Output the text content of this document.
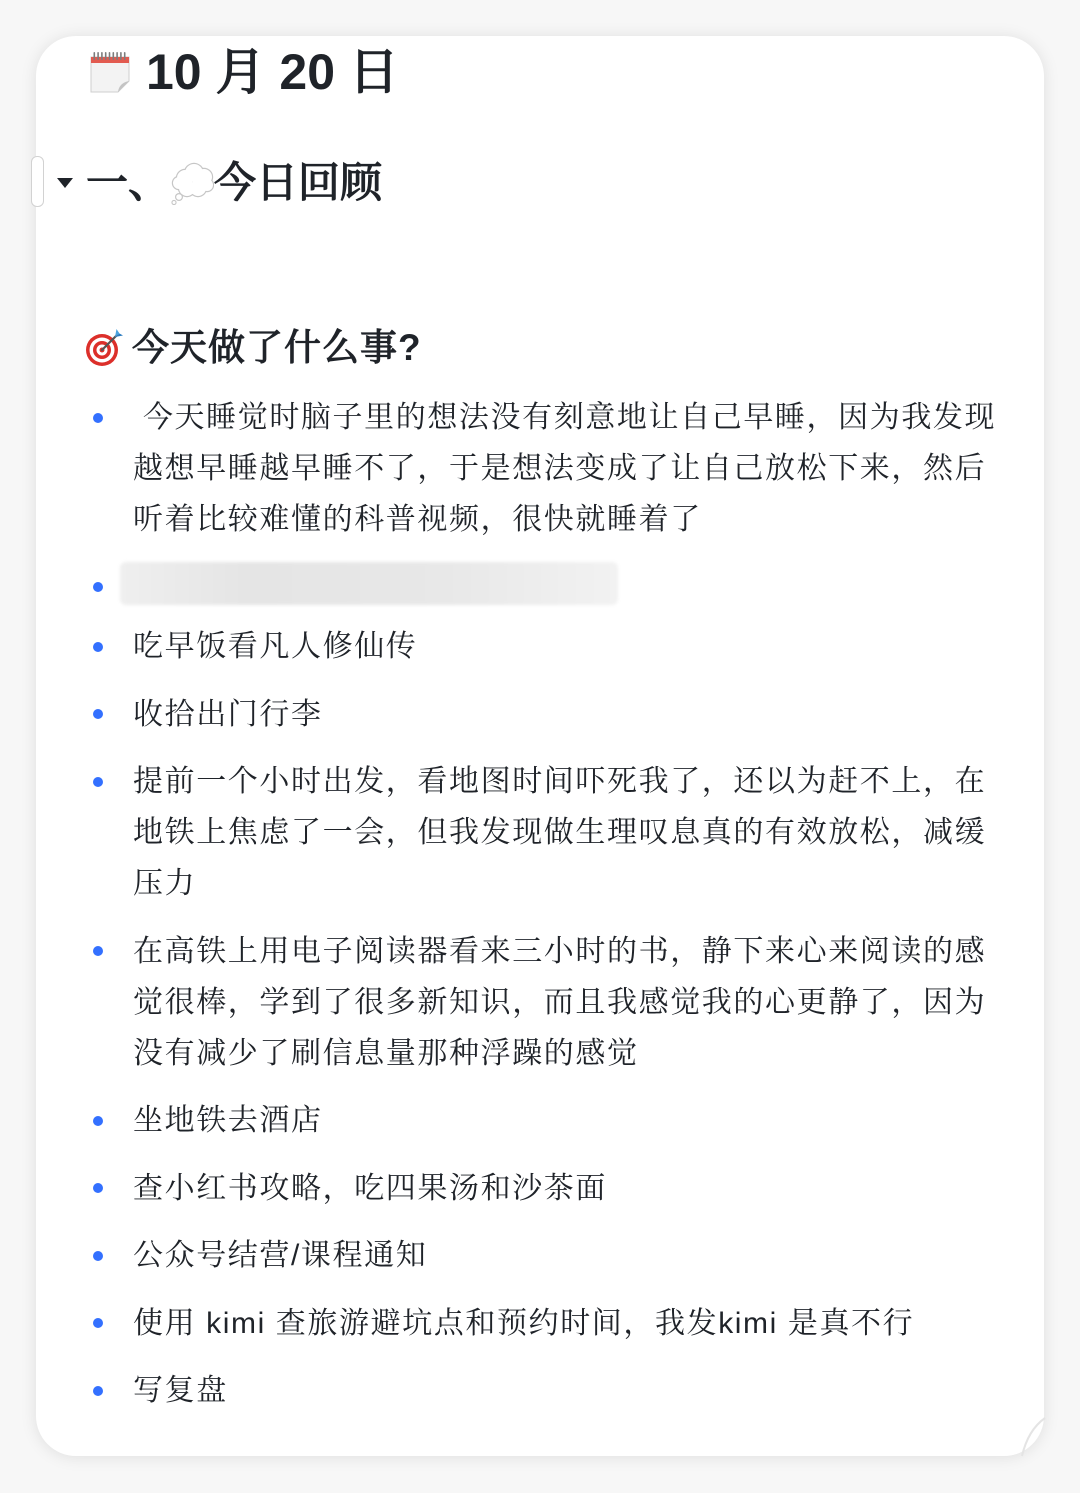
10 月 20 日
一、 今日回顾
今天做了什么事?
今天睡觉时脑子里的想法没有刻意地让自己早睡，因为我发现越想早睡越早睡不了，于是想法变成了让自己放松下来，然后听着比较难懂的科普视频，很快就睡着了
吃早饭看凡人修仙传
收拾出门行李
提前一个小时出发，看地图时间吓死我了，还以为赶不上，在地铁上焦虑了一会，但我发现做生理叹息真的有效放松，减缓压力
在高铁上用电子阅读器看来三小时的书，静下来心来阅读的感觉很棒，学到了很多新知识，而且我感觉我的心更静了，因为没有减少了刷信息量那种浮躁的感觉
坐地铁去酒店
查小红书攻略，吃四果汤和沙茶面
公众号结营/课程通知
使用 kimi 查旅游避坑点和预约时间，我发kimi 是真不行
写复盘
